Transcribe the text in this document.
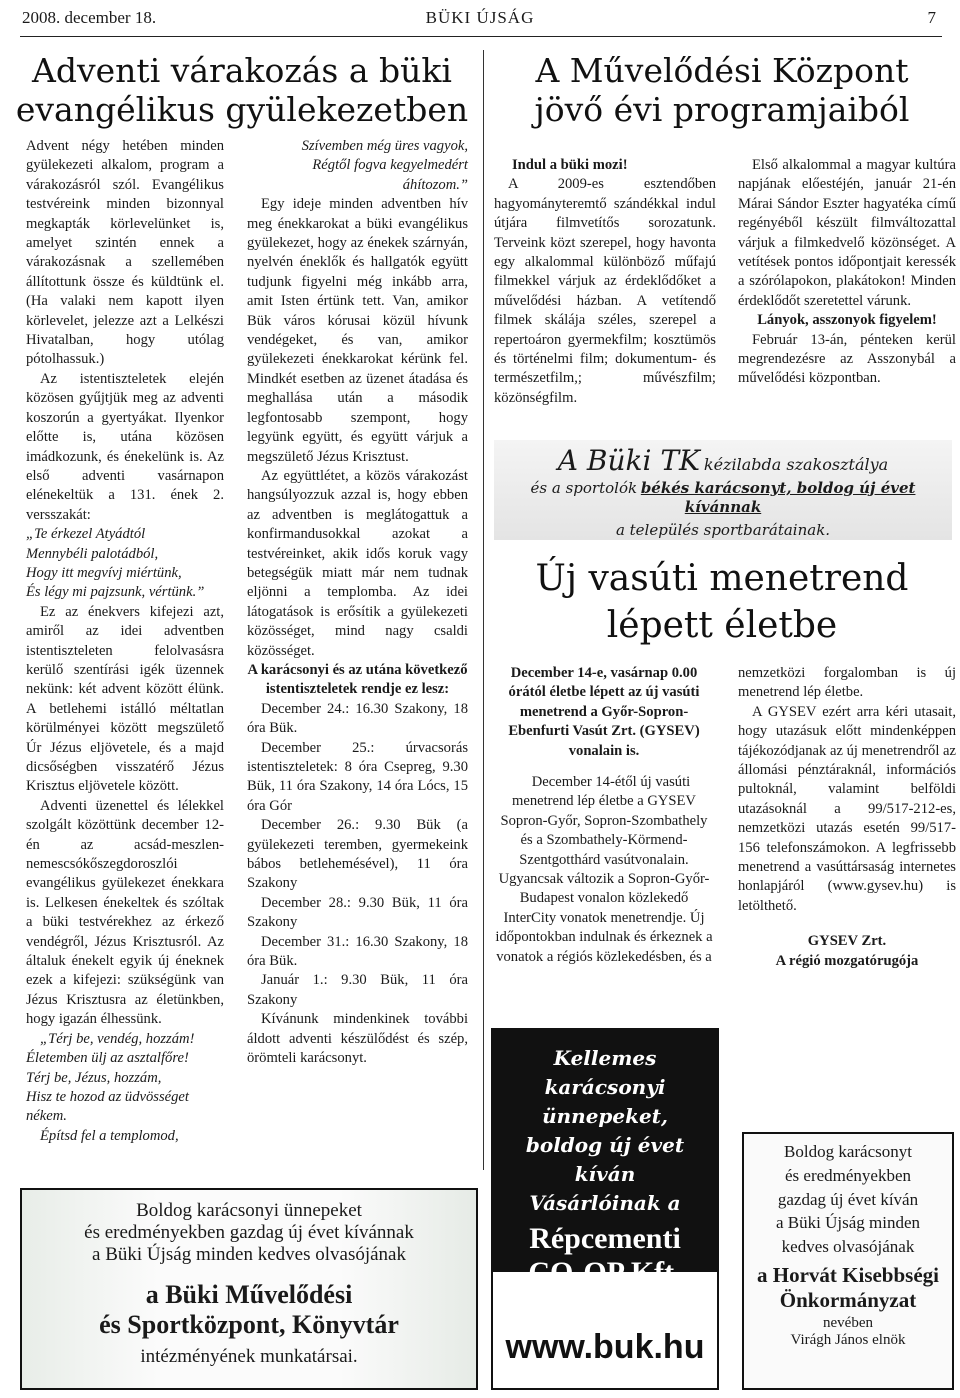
2008. december 18.	BÜKI ÚJSÁG	7
Adventi várakozás a büki
evangélikus gyülekezetben

Advent négy hetében minden gyülekezeti alkalom, program a várakozásról szól. Evangélikus testvéreink minden bizonnyal megkapták körlevelünket is, amelyet szintén ennek a várakozásnak a szellemében állítottunk össze és küldtünk el. (Ha valaki nem kapott ilyen körlevelet, jelezze azt a Lelkészi Hivatalban, hogy utólag pótolhassuk.)

Az istentiszteletek elején közösen gyűjtjük meg az adventi koszorún a gyertyákat. Ilyenkor előtte is, utána közösen imádkozunk, és énekelünk is. Az első adventi vasárnapon elénekeltük a 131. ének 2. versszakát:

„Te érkezel Atyádtól
Mennybéli palotádból,
Hogy itt megvívj miértünk,
És légy mi pajzsunk, vértünk.”

Ez az énekvers kifejezi azt, amiről az idei adventben istentiszteleten felolvasásra kerülő szentírási igék üzennek nekünk: két advent között élünk. A betlehemi istálló méltatlan körülményei között megszülető Úr Jézus eljövetele, és a majd dicsőségben visszatérő Jézus Krisztus eljövetele között.

Adventi üzenettel és lélekkel szolgált közöttünk december 12-én az acsád-meszlen-nemescsókőszegdoroszlói evangélikus gyülekezet énekkara is. Lelkesen énekeltek és szóltak a büki testvérekhez az érkező vendégről, Jézus Krisztusról. Az általuk énekelt egyik új éneknek ezek a kifejezi: szükségünk van Jézus Krisztusra az életünkben, hogy igazán élhessünk.

„Térj be, vendég, hozzám!
Életemben ülj az asztalfőre!
Térj be, Jézus, hozzám,
Hisz te hozod az üdvösséget nékem.
Építsd fel a templomod,
Szívemben még üres vagyok,
Régtől fogva kegyelmedért áhítozom.”

Egy ideje minden adventben hív meg énekkarokat a büki evangélikus gyülekezet, hogy az énekek szárnyán, nyelvén éneklők és hallgatók együtt tudjunk figyelni még inkább arra, amit Isten értünk tett. Van, amikor Bük város kórusai közül hívunk vendégeket, és van, amikor gyülekezeti énekkarokat kérünk fel. Mindkét esetben az üzenet átadása és meghallása után a második legfontosabb szempont, hogy legyünk együtt, és együtt várjuk a megszülető Jézus Krisztust.

Az együttlétet, a közös várakozást hangsúlyozzuk azzal is, hogy ebben az adventben is meglátogattuk a konfirmandusokkal azokat a testvéreinket, akik idős koruk vagy betegségük miatt már nem tudnak eljönni a templomba. Az idei látogatások is erősítik a gyülekezeti közösséget, mind nagy csaldi közösséget.

A karácsonyi és az utána következő istentiszteletek rendje ez lesz:

December 24.: 16.30 Szakony, 18 óra Bük.

December 25.: úrvacsorás istentiszteletek: 8 óra Csepreg, 9.30 Bük, 11 óra Szakony, 14 óra Lócs, 15 óra Gór

December 26.: 9.30 Bük (a gyülekezeti teremben, gyermekeink bábos betlehemésével), 11 óra Szakony

December 28.: 9.30 Bük, 11 óra Szakony

December 31.: 16.30 Szakony, 18 óra Bük.

Január 1.: 9.30 Bük, 11 óra Szakony

Kívánunk mindenkinek további áldott adventi készülődést és szép, örömteli karácsonyt.

A Művelődési Központ
jövő évi programjaiból

Indul a büki mozi!

A 2009-es esztendőben hagyományteremtő szándékkal indul útjára filmvetítős sorozatunk. Terveink közt szerepel, hogy havonta egy alkalommal különböző műfajú filmekkel várjuk az érdeklődőket a művelődési házban. A vetítendő filmek skálája széles, szerepel a repertoáron gyermekfilm; kosztümös és történelmi film; dokumentum- és természetfilm,; művészfilm; közönségfilm.

Első alkalommal a magyar kultúra napjának előestéjén, január 21-én Márai Sándor Eszter hagyatéka című regényéből készült filmváltozattal várjuk a filmkedvelő közönséget. A vetítések pontos időpontjait keressék a szórólapokon, plakátokon! Minden érdeklődőt szeretettel várunk.

Lányok, asszonyok figyelem!

Február 13-án, pénteken kerül megrendezésre az Asszonybál a művelődési központban.

A Büki TK kézilabda szakosztálya
és a sportolók békés karácsonyt, boldog új évet kívánnak
a település sportbarátainak.
Új vasúti menetrend
lépett életbe

December 14-e, vasárnap 0.00 órától életbe lépett az új vasúti menetrend a Győr-Sopron-Ebenfurti Vasút Zrt. (GYSEV) vonalain is.

December 14-étől új vasúti menetrend lép életbe a GYSEV Sopron-Győr, Sopron-Szombathely és a Szombathely-Körmend-Szentgotthárd vasútvonalain. Ugyancsak változik a Sopron-Győr-Budapest vonalon közlekedő InterCity vonatok menetrendje. Új időpontokban indulnak és érkeznek a vonatok a régiós közlekedésben, és a

nemzetközi forgalomban is új menetrend lép életbe.

A GYSEV ezért arra kéri utasait, hogy utazásuk előtt mindenképpen tájékozódjanak az új menetrendről az állomási pénztáraknál, információs pultoknál, valamint belföldi utazásoknál a 99/517-212-es, nemzetközi utazás esetén 99/517-156 telefonszámokon. A legfrissebb menetrend a vasúttársaság internetes honlapjáról (www.gysev.hu) is letölthető.

GYSEV Zrt.

A régió mozgatórugója

Boldog karácsonyi ünnepeket
és eredményekben gazdag új évet kívánnak
a Büki Újság minden kedves olvasójának
a Büki Művelődési
és Sportközpont, Könyvtár
intézményének munkatársai.
Kellemes karácsonyi
ünnepeket,
boldog új évet kíván
Vásárlóinak a
Répcementi
CO-OP Kft.
www.buk.hu
Boldog karácsonyt
és eredményekben
gazdag új évet kíván
a Büki Újság minden
kedves olvasójának
a Horvát Kisebbségi
Önkormányzat
nevében
Virágh János elnök
